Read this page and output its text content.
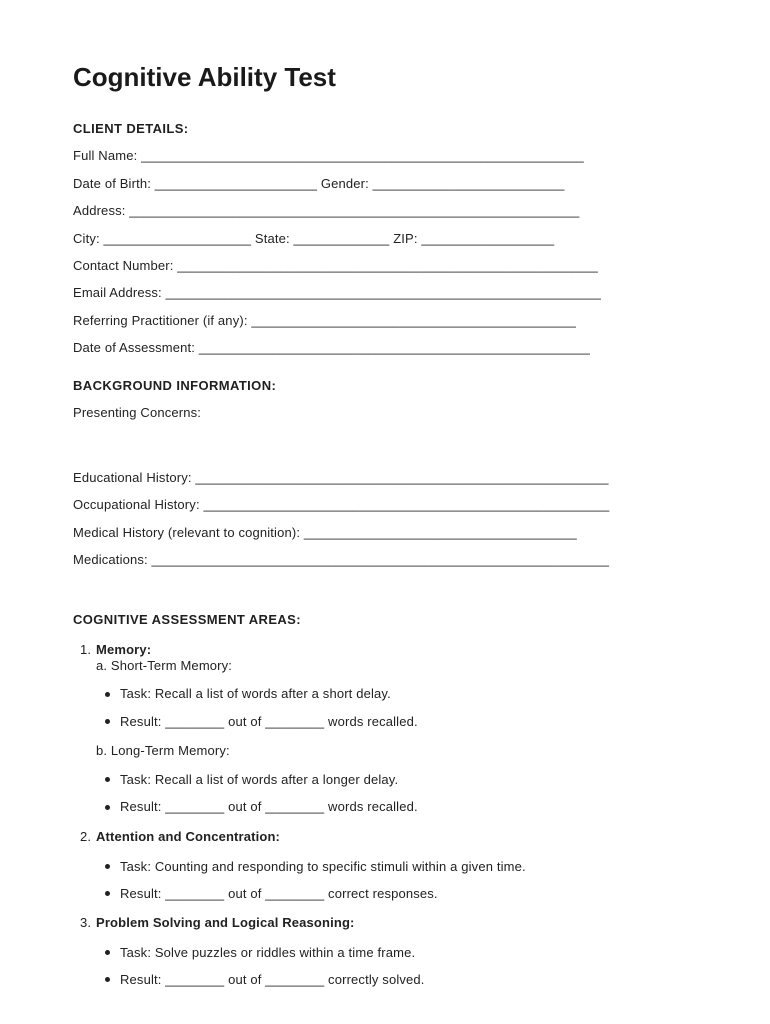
Cognitive Ability Test
CLIENT DETAILS:
Full Name: ____________________________________________________________
Date of Birth: ______________________ Gender: __________________________
Address: _____________________________________________________________
City: ____________________ State: _____________ ZIP: __________________
Contact Number: _________________________________________________________
Email Address: ___________________________________________________________
Referring Practitioner (if any): ____________________________________________
Date of Assessment: _____________________________________________________
BACKGROUND INFORMATION:
Presenting Concerns:
Educational History: ________________________________________________________
Occupational History: _______________________________________________________
Medical History (relevant to cognition): _____________________________________
Medications: ______________________________________________________________
COGNITIVE ASSESSMENT AREAS:
1. Memory:
a. Short-Term Memory:
Task: Recall a list of words after a short delay.
Result: ________ out of ________ words recalled.
b. Long-Term Memory:
Task: Recall a list of words after a longer delay.
Result: ________ out of ________ words recalled.
2. Attention and Concentration:
Task: Counting and responding to specific stimuli within a given time.
Result: ________ out of ________ correct responses.
3. Problem Solving and Logical Reasoning:
Task: Solve puzzles or riddles within a time frame.
Result: ________ out of ________ correctly solved.
